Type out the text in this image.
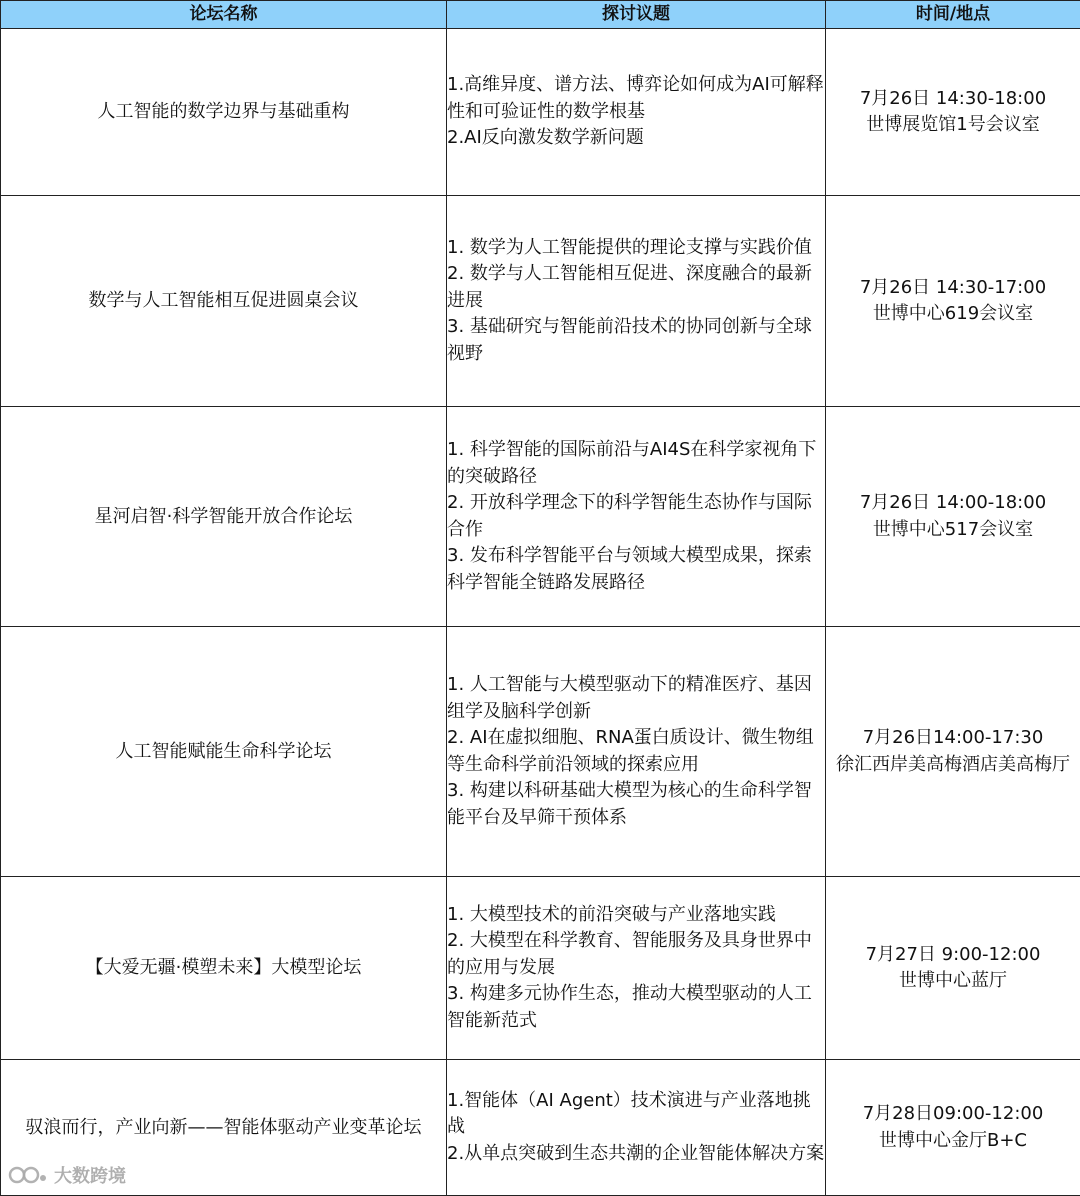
论坛名称	探讨议题	时间/地点
人工智能的数学边界与基础重构	1.高维异度、谱方法、博弈论如何成为AI可解释性和可验证性的数学根基
2.AI反向激发数学新问题	7月26日 14:30-18:00
世博展览馆1号会议室

数学与人工智能相互促进圆桌会议	1. 数学为人工智能提供的理论支撑与实践价值
2. 数学与人工智能相互促进、深度融合的最新进展
3. 基础研究与智能前沿技术的协同创新与全球视野	7月26日 14:30-17:00
世博中心619会议室

星河启智·科学智能开放合作论坛	1. 科学智能的国际前沿与AI4S在科学家视角下的突破路径
2. 开放科学理念下的科学智能生态协作与国际合作
3. 发布科学智能平台与领域大模型成果，探索科学智能全链路发展路径	7月26日 14:00-18:00
世博中心517会议室

人工智能赋能生命科学论坛	1. 人工智能与大模型驱动下的精准医疗、基因组学及脑科学创新
2. AI在虚拟细胞、RNA蛋白质设计、微生物组等生命科学前沿领域的探索应用
3. 构建以科研基础大模型为核心的生命科学智能平台及早筛干预体系	7月26日14:00-17:30
徐汇西岸美高梅酒店美高梅厅

【大爱无疆·模塑未来】大模型论坛	1. 大模型技术的前沿突破与产业落地实践
2. 大模型在科学教育、智能服务及具身世界中的应用与发展
3. 构建多元协作生态，推动大模型驱动的人工智能新范式	7月27日 9:00-12:00
世博中心蓝厅

驭浪而行，产业向新——智能体驱动产业变革论坛	1.智能体（AI Agent）技术演进与产业落地挑战
2.从单点突破到生态共潮的企业智能体解决方案	7月28日09:00-12:00
世博中心金厅B+C
大数跨境
